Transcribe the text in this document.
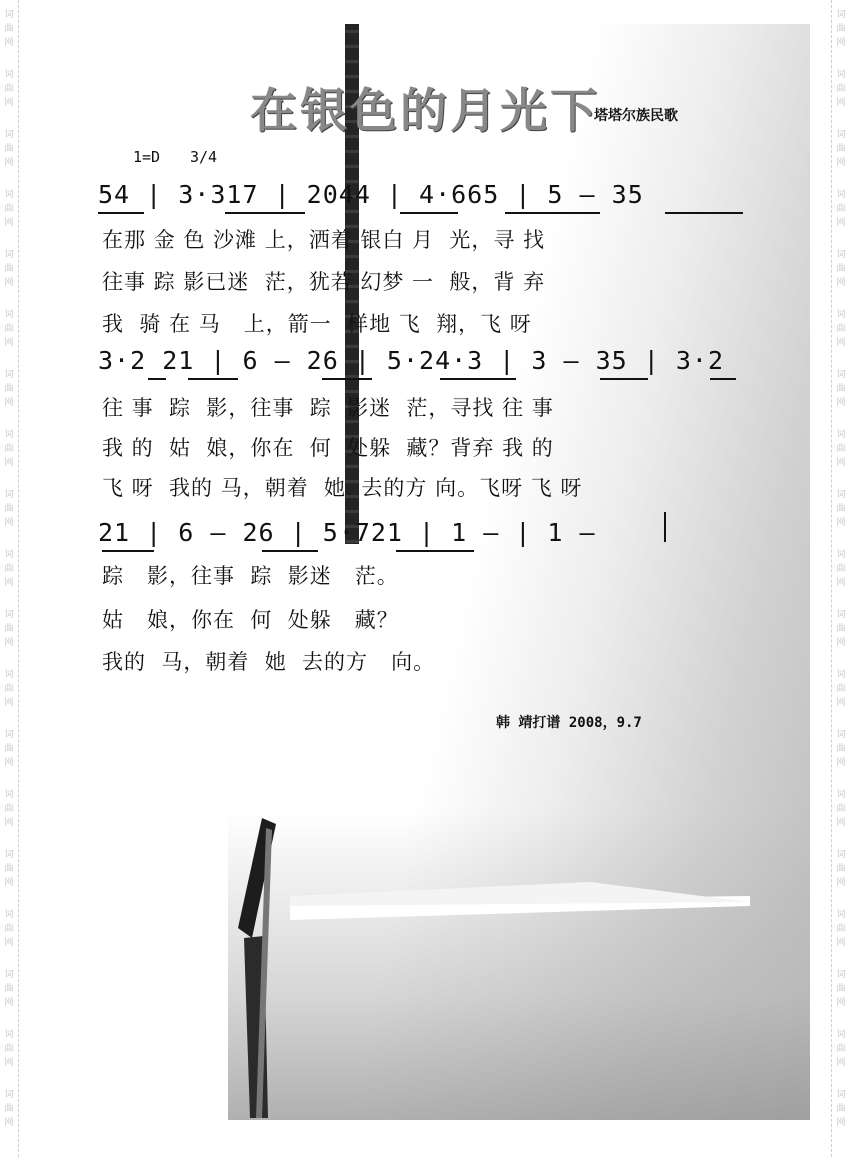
词
曲
网
词
曲
网
词
曲
网
词
曲
网
词
曲
网
词
曲
网
词
曲
网
词
曲
网
词
曲
网
词
曲
网
词
曲
网
词
曲
网
词
曲
网
词
曲
网
词
曲
网
词
曲
网
词
曲
网
词
曲
网
词
曲
网
词
曲
网
词
曲
网
词
曲
网
词
曲
网
词
曲
网
词
曲
网
词
曲
网
词
曲
网
词
曲
网
词
曲
网
词
曲
网
词
曲
网
词
曲
网
词
曲
网
词
曲
网
词
曲
网
词
曲
网
词
曲
网
词
曲
网
在银色的月光下
塔塔尔族民歌
1=D 3/4
54 | 3·317 | 2044 | 4·665 | 5 — 35
在那 金 色 沙滩 上，洒着 银白 月  光，寻 找
往事 踪 影已迷  茫，犹若 幻梦 一  般，背 弃
我  骑 在 马   上，箭一  样地 飞  翔，飞 呀
3·2 21 | 6 — 26 | 5·24·3 | 3 — 35 | 3·2
往 事  踪  影，往事  踪  影迷  茫，寻找 往 事
我 的  姑  娘，你在  何  处躲  藏？背弃 我 的
飞 呀  我的 马，朝着  她  去的方 向。飞呀 飞 呀
21 | 6 — 26 | 5·721 | 1 — | 1 —
踪   影，往事  踪  影迷   茫。
姑   娘，你在  何  处躲   藏？
我的  马，朝着  她  去的方   向。
韩 靖打谱 2008，9.7
